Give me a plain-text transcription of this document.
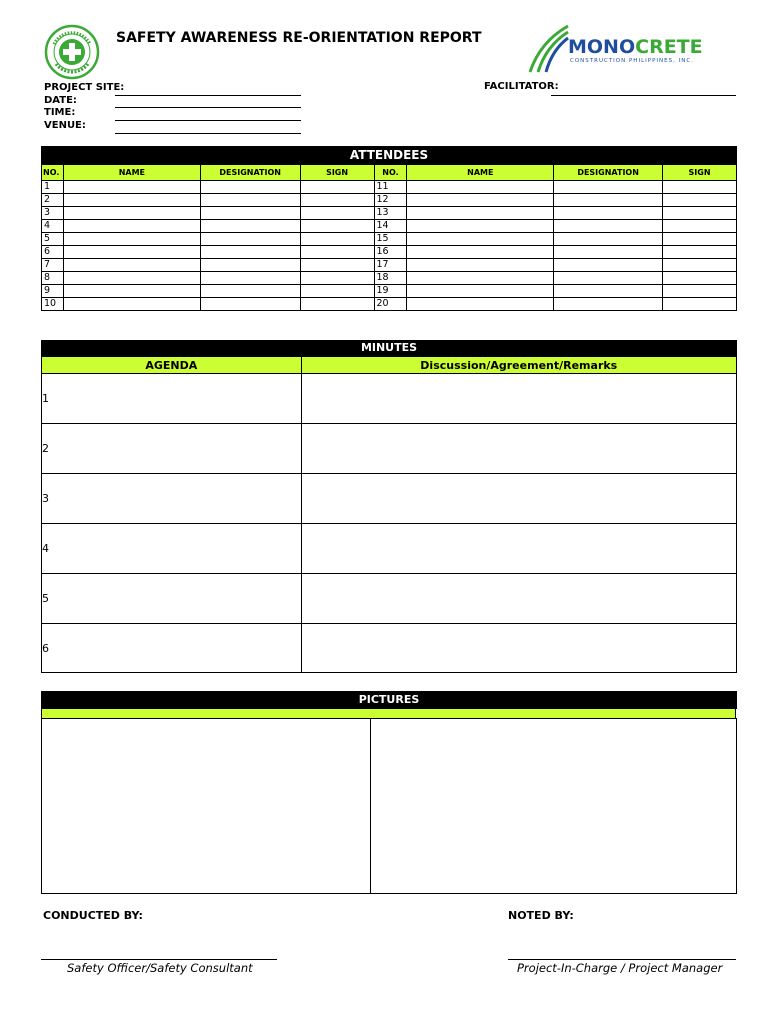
SAFETY AWARENESS RE-ORIENTATION REPORT	MONOCRETE
CONSTRUCTION PHILIPPINES, INC.
PROJECT SITE:
DATE:
TIME:
VENUE:
FACILITATOR:
ATTENDEES
NO.	NAME	DESIGNATION	SIGN	NO.	NAME	DESIGNATION	SIGN
1				11			
2				12			
3				13			
4				14			
5				15			
6				16			
7				17			
8				18			
9				19			
10				20			
MINUTES
AGENDA	Discussion/Agreement/Remarks
1	
2	
3	
4	
5	
6	
PICTURES
CONDUCTED BY:	NOTED BY:
Safety Officer/Safety Consultant	Project-In-Charge / Project Manager
